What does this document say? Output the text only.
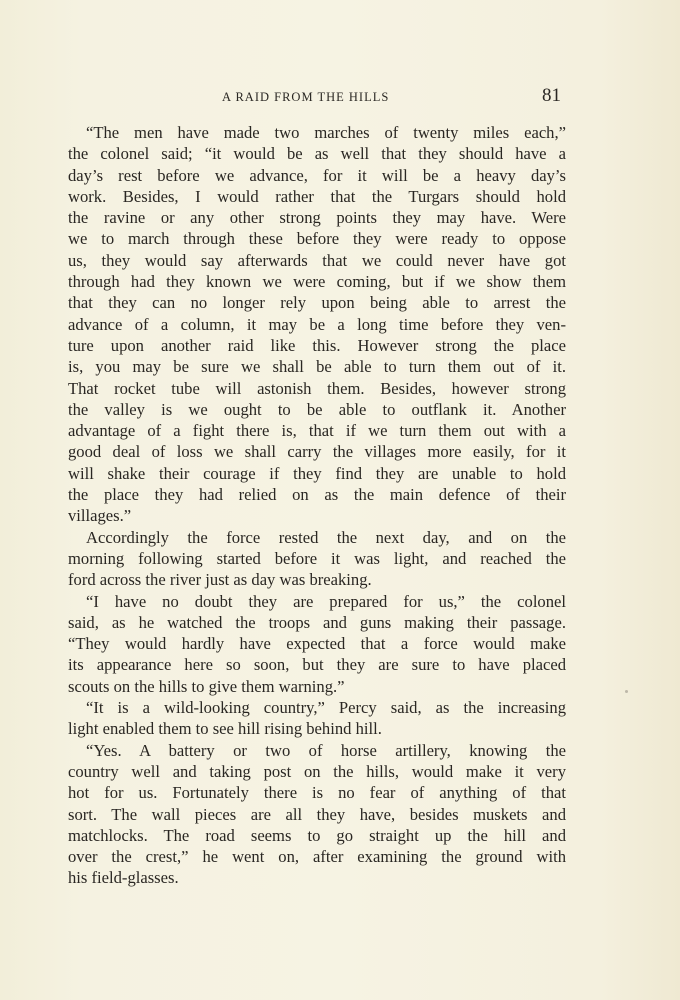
A RAID FROM THE HILLS	81
“The men have made two marches of twenty miles each,”
the colonel said; “it would be as well that they should have a
day’s rest before we advance, for it will be a heavy day’s
work. Besides, I would rather that the Turgars should hold
the ravine or any other strong points they may have. Were
we to march through these before they were ready to oppose
us, they would say afterwards that we could never have got
through had they known we were coming, but if we show them
that they can no longer rely upon being able to arrest the
advance of a column, it may be a long time before they ven-
ture upon another raid like this. However strong the place
is, you may be sure we shall be able to turn them out of it.
That rocket tube will astonish them. Besides, however strong
the valley is we ought to be able to outflank it. Another
advantage of a fight there is, that if we turn them out with a
good deal of loss we shall carry the villages more easily, for it
will shake their courage if they find they are unable to hold
the place they had relied on as the main defence of their
villages.”
Accordingly the force rested the next day, and on the
morning following started before it was light, and reached the
ford across the river just as day was breaking.
“I have no doubt they are prepared for us,” the colonel
said, as he watched the troops and guns making their passage.
“They would hardly have expected that a force would make
its appearance here so soon, but they are sure to have placed
scouts on the hills to give them warning.”
“It is a wild-looking country,” Percy said, as the increasing
light enabled them to see hill rising behind hill.
“Yes. A battery or two of horse artillery, knowing the
country well and taking post on the hills, would make it very
hot for us. Fortunately there is no fear of anything of that
sort. The wall pieces are all they have, besides muskets and
matchlocks. The road seems to go straight up the hill and
over the crest,” he went on, after examining the ground with
his field-glasses.
